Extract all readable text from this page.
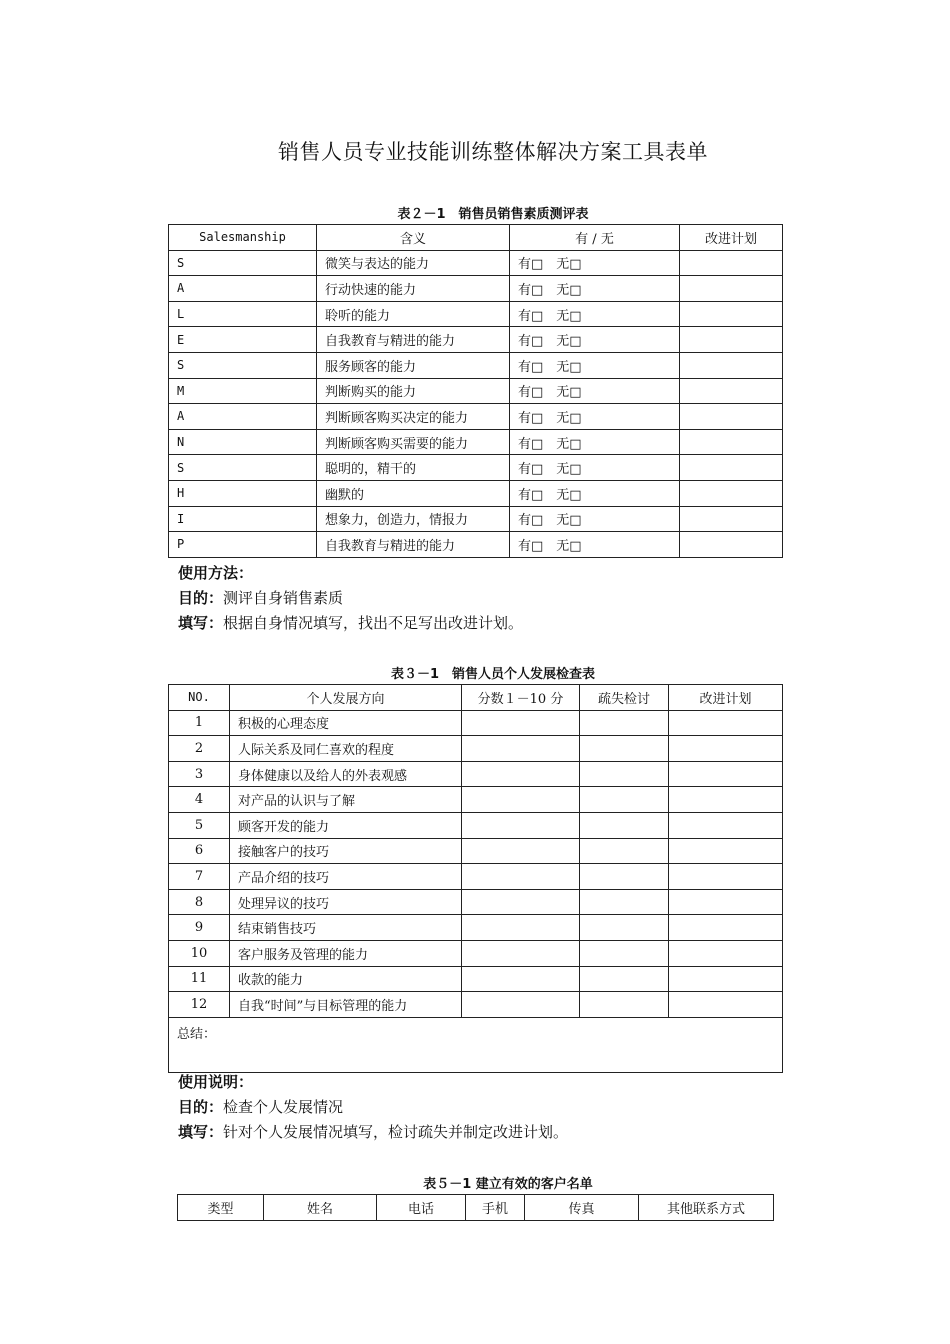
销售人员专业技能训练整体解决方案工具表单
表２－1　销售员销售素质测评表
Salesmanship	含义	有 / 无	改进计划
S	微笑与表达的能力	有□　无□	
A	行动快速的能力	有□　无□	
L	聆听的能力	有□　无□	
E	自我教育与精进的能力	有□　无□	
S	服务顾客的能力	有□　无□	
M	判断购买的能力	有□　无□	
A	判断顾客购买决定的能力	有□　无□	
N	判断顾客购买需要的能力	有□　无□	
S	聪明的，精干的	有□　无□	
H	幽默的	有□　无□	
I	想象力，创造力，情报力	有□　无□	
P	自我教育与精进的能力	有□　无□	
使用方法：
目的：测评自身销售素质
填写：根据自身情况填写，找出不足写出改进计划。
表３－1　销售人员个人发展检查表
NO.	个人发展方向	分数１－10 分	疏失检讨	改进计划
1	积极的心理态度			
2	人际关系及同仁喜欢的程度			
3	身体健康以及给人的外表观感			
4	对产品的认识与了解			
5	顾客开发的能力			
6	接触客户的技巧			
7	产品介绍的技巧			
8	处理异议的技巧			
9	结束销售技巧			
10	客户服务及管理的能力			
11	收款的能力			
12	自我“时间”与目标管理的能力			
总结：				
使用说明：
目的：检查个人发展情况
填写：针对个人发展情况填写，检讨疏失并制定改进计划。
表５－1 建立有效的客户名单
类型	姓名	电话	手机	传真	其他联系方式
